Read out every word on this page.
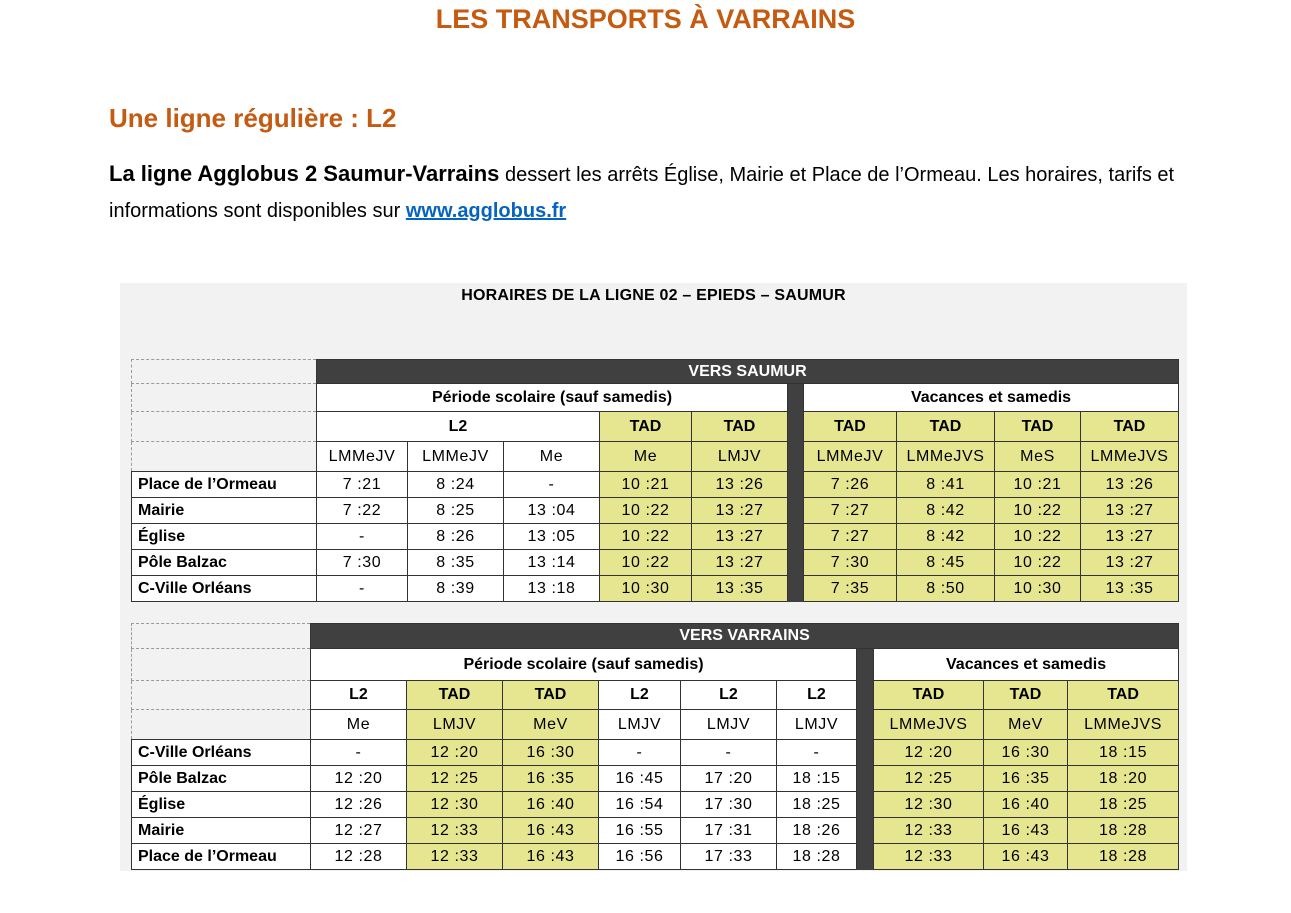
LES TRANSPORTS À VARRAINS
Une ligne régulière : L2
La ligne Agglobus 2 Saumur-Varrains dessert les arrêts Église, Mairie et Place de l’Ormeau. Les horaires, tarifs et informations sont disponibles sur www.agglobus.fr
HORAIRES DE LA LIGNE 02 – EPIEDS – SAUMUR
	VERS SAUMUR									
	Période scolaire (sauf samedis)						Vacances et samedis			
	L2			TAD	TAD		TAD	TAD	TAD	TAD
	LMMeJV	LMMeJV	Me	Me	LMJV		LMMeJV	LMMeJVS	MeS	LMMeJVS
Place de l’Ormeau	7 :21	8 :24	-	10 :21	13 :26		7 :26	8 :41	10 :21	13 :26
Mairie	7 :22	8 :25	13 :04	10 :22	13 :27		7 :27	8 :42	10 :22	13 :27
Église	-	8 :26	13 :05	10 :22	13 :27		7 :27	8 :42	10 :22	13 :27
Pôle Balzac	7 :30	8 :35	13 :14	10 :22	13 :27		7 :30	8 :45	10 :22	13 :27
C-Ville Orléans	-	8 :39	13 :18	10 :30	13 :35		7 :35	8 :50	10 :30	13 :35
	VERS VARRAINS									
	Période scolaire (sauf samedis)							Vacances et samedis		
	L2	TAD	TAD	L2	L2	L2		TAD	TAD	TAD
	Me	LMJV	MeV	LMJV	LMJV	LMJV		LMMeJVS	MeV	LMMeJVS
C-Ville Orléans	-	12 :20	16 :30	-	-	-		12 :20	16 :30	18 :15
Pôle Balzac	12 :20	12 :25	16 :35	16 :45	17 :20	18 :15		12 :25	16 :35	18 :20
Église	12 :26	12 :30	16 :40	16 :54	17 :30	18 :25		12 :30	16 :40	18 :25
Mairie	12 :27	12 :33	16 :43	16 :55	17 :31	18 :26		12 :33	16 :43	18 :28
Place de l’Ormeau	12 :28	12 :33	16 :43	16 :56	17 :33	18 :28		12 :33	16 :43	18 :28
